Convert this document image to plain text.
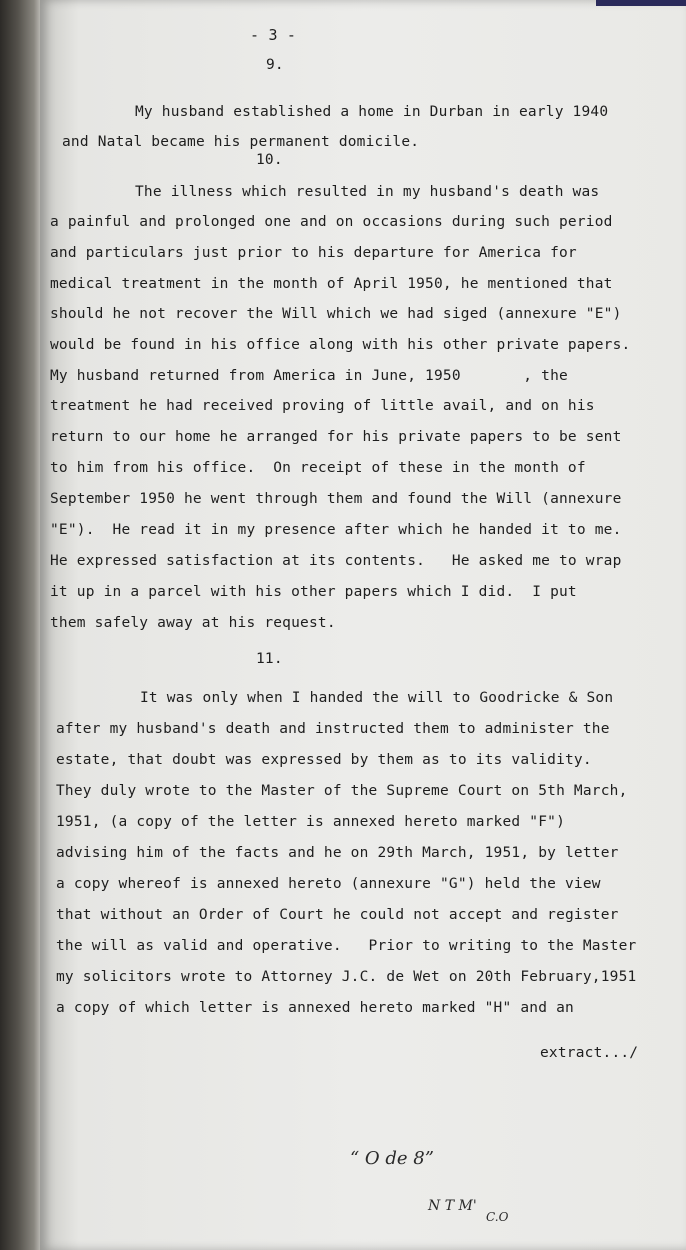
- 3 -
9.
My husband established a home in Durban in early 1940
and Natal became his permanent domicile.
10.
The illness which resulted in my husband's death was
a painful and prolonged one and on occasions during such period
and particulars just prior to his departure for America for
medical treatment in the month of April 1950, he mentioned that
should he not recover the Will which we had siged (annexure "E")
would be found in his office along with his other private papers.
My husband returned from America in June, 1950       , the
treatment he had received proving of little avail, and on his
return to our home he arranged for his private papers to be sent
to him from his office.  On receipt of these in the month of
September 1950 he went through them and found the Will (annexure
"E").  He read it in my presence after which he handed it to me.
He expressed satisfaction at its contents.   He asked me to wrap
it up in a parcel with his other papers which I did.  I put
them safely away at his request.
11.
It was only when I handed the will to Goodricke & Son
after my husband's death and instructed them to administer the
estate, that doubt was expressed by them as to its validity.
They duly wrote to the Master of the Supreme Court on 5th March,
1951, (a copy of the letter is annexed hereto marked "F")
advising him of the facts and he on 29th March, 1951, by letter
a copy whereof is annexed hereto (annexure "G") held the view
that without an Order of Court he could not accept and register
the will as valid and operative.   Prior to writing to the Master
my solicitors wrote to Attorney J.C. de Wet on 20th February,1951
a copy of which letter is annexed hereto marked "H" and an
extract.../
“ O de 8”
N T M'
C.O
